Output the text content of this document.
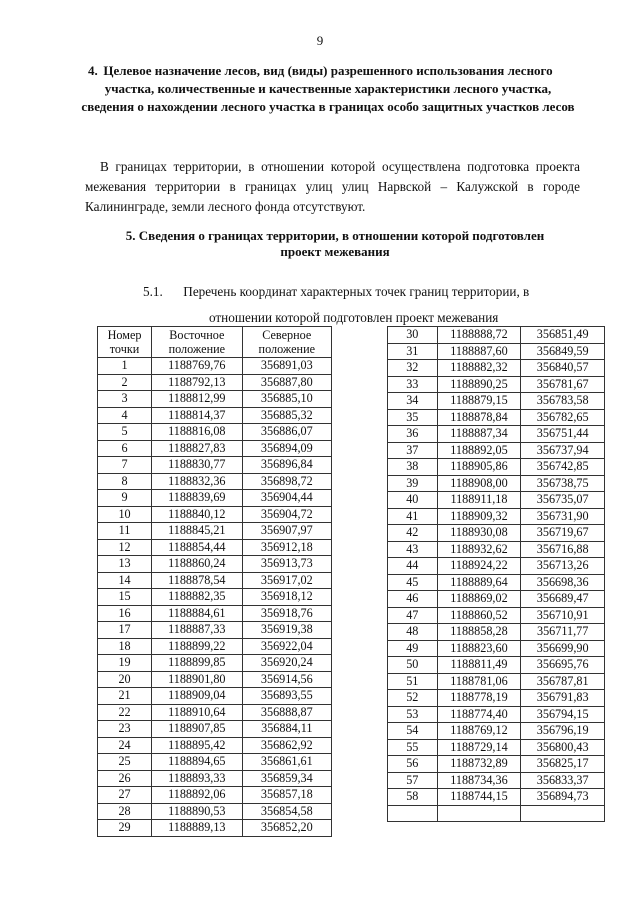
9
4. Целевое назначение лесов, вид (виды) разрешенного использования лесного участка, количественные и качественные характеристики лесного участка, сведения о нахождении лесного участка в границах особо защитных участков лесов
В границах территории, в отношении которой осуществлена подготовка проекта межевания территории в границах улиц улиц Нарвской – Калужской в городе Калининграде, земли лесного фонда отсутствуют.
5. Сведения о границах территории, в отношении которой подготовлен проект межевания
5.1. Перечень координат характерных точек границ территории, в
отношении которой подготовлен проект межевания
Номер точки	Восточное положение	Северное положение
1	1188769,76	356891,03
2	1188792,13	356887,80
3	1188812,99	356885,10
4	1188814,37	356885,32
5	1188816,08	356886,07
6	1188827,83	356894,09
7	1188830,77	356896,84
8	1188832,36	356898,72
9	1188839,69	356904,44
10	1188840,12	356904,72
11	1188845,21	356907,97
12	1188854,44	356912,18
13	1188860,24	356913,73
14	1188878,54	356917,02
15	1188882,35	356918,12
16	1188884,61	356918,76
17	1188887,33	356919,38
18	1188899,22	356922,04
19	1188899,85	356920,24
20	1188901,80	356914,56
21	1188909,04	356893,55
22	1188910,64	356888,87
23	1188907,85	356884,11
24	1188895,42	356862,92
25	1188894,65	356861,61
26	1188893,33	356859,34
27	1188892,06	356857,18
28	1188890,53	356854,58
29	1188889,13	356852,20
30	1188888,72	356851,49
31	1188887,60	356849,59
32	1188882,32	356840,57
33	1188890,25	356781,67
34	1188879,15	356783,58
35	1188878,84	356782,65
36	1188887,34	356751,44
37	1188892,05	356737,94
38	1188905,86	356742,85
39	1188908,00	356738,75
40	1188911,18	356735,07
41	1188909,32	356731,90
42	1188930,08	356719,67
43	1188932,62	356716,88
44	1188924,22	356713,26
45	1188889,64	356698,36
46	1188869,02	356689,47
47	1188860,52	356710,91
48	1188858,28	356711,77
49	1188823,60	356699,90
50	1188811,49	356695,76
51	1188781,06	356787,81
52	1188778,19	356791,83
53	1188774,40	356794,15
54	1188769,12	356796,19
55	1188729,14	356800,43
56	1188732,89	356825,17
57	1188734,36	356833,37
58	1188744,15	356894,73
